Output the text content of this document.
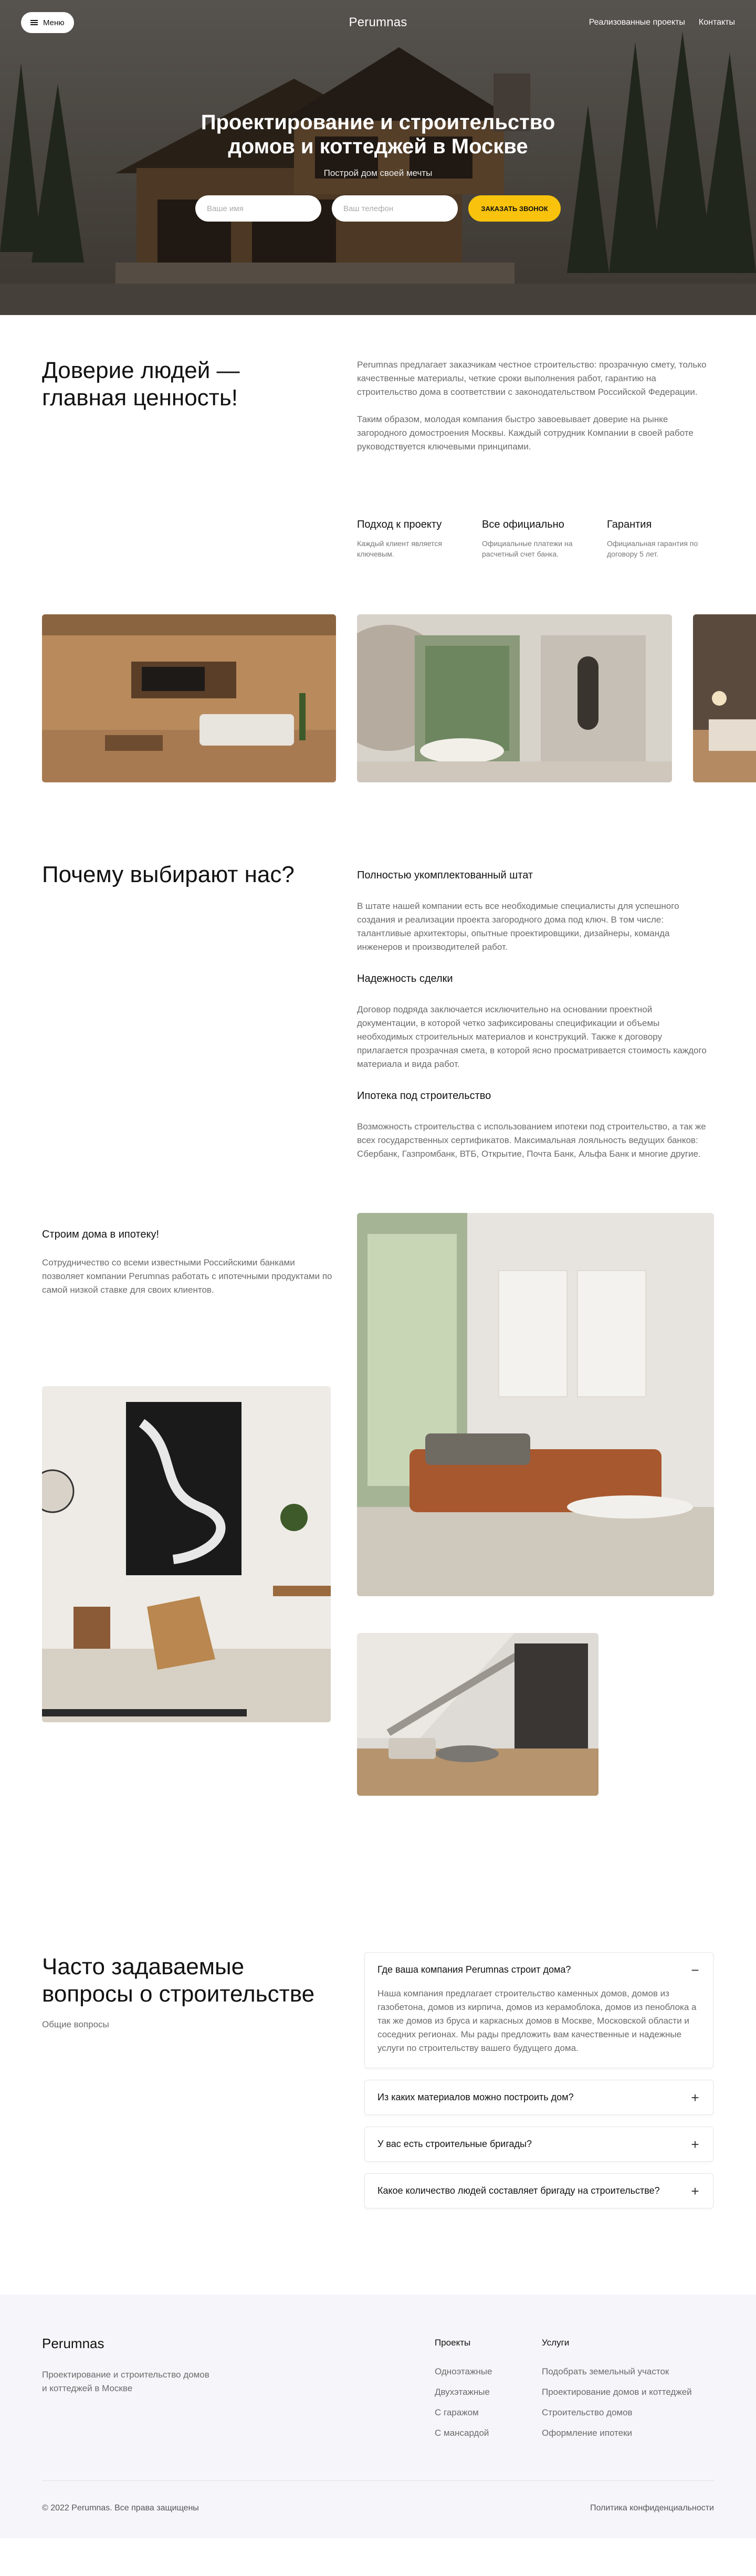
Меню	Perumnas	Реализованные проекты Контакты
Проектирование и строительство домов и коттеджей в Москве

Построй дом своей мечты

Ваше имя
Ваш телефон
ЗАКАЗАТЬ ЗВОНОК
Доверие людей — главная ценность!

Perumnas предлагает заказчикам честное строительство: прозрачную смету, только качественные материалы, четкие сроки выполнения работ, гарантию на строительство дома в соответствии с законодательством Российской Федерации.

Таким образом, молодая компания быстро завоевывает доверие на рынке загородного домостроения Москвы. Каждый сотрудник Компании в своей работе руководствуется ключевыми принципами.

Подход к проекту

Каждый клиент является ключевым.

Все официально

Официальные платежи на расчетный счет банка.

Гарантия

Официальная гарантия по договору 5 лет.

Почему выбирают нас?	Полностью укомплектованный штат

В штате нашей компании есть все необходимые специалисты для успешного создания и реализации проекта загородного дома под ключ. В том числе: талантливые архитекторы, опытные проектировщики, дизайнеры, команда инженеров и производителей работ.

Надежность сделки

Договор подряда заключается исключительно на основании проектной документации, в которой четко зафиксированы спецификации и объемы необходимых строительных материалов и конструкций. Также к договору прилагается прозрачная смета, в которой ясно просматривается стоимость каждого материала и вида работ.

Ипотека под строительство

Возможность строительства с использованием ипотеки под строительство, а так же всех государственных сертификатов. Максимальная лояльность ведущих банков: Сбербанк, Газпромбанк, ВТБ, Открытие, Почта Банк, Альфа Банк и многие другие.

Строим дома в ипотеку!

Сотрудничество со всеми известными Российскими банками позволяет компании Perumnas работать с ипотечными продуктами по самой низкой ставке для своих клиентов.

Часто задаваемые вопросы о строительстве
Общие вопросы
Где ваша компания Perumnas строит дома?	−

Наша компания предлагает строительство каменных домов, домов из газобетона, домов из кирпича, домов из керамоблока, домов из пеноблока а так же домов из бруса и каркасных домов в Москве, Московской области и соседних регионах. Мы рады предложить вам качественные и надежные услуги по строительству вашего будущего дома.

Из каких материалов можно построить дом?	+
У вас есть строительные бригады?	+
Какое количество людей составляет бригаду на строительстве? +
Perumnas

Проектирование и строительство домов и коттеджей в Москве

Проекты
Одноэтажные
Двухэтажные
С гаражом
С мансардой
Услуги
Подобрать земельный участок
Проектирование домов и коттеджей
Строительство домов
Оформление ипотеки
© 2022 Perumnas. Все права защищены	Политика конфиденциальности
